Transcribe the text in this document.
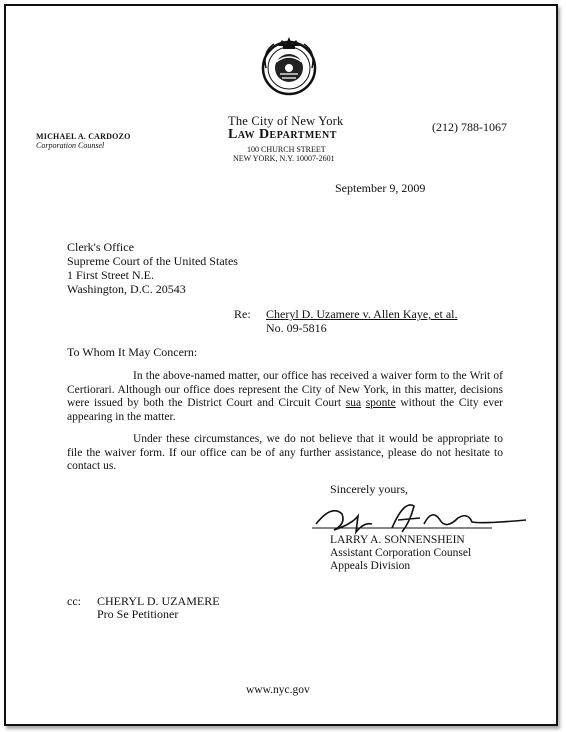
The City of New York
Law Department
100 CHURCH STREET
NEW YORK, N.Y. 10007-2601
MICHAEL A. CARDOZO
Corporation Counsel
(212) 788-1067
September 9, 2009
Clerk's Office
Supreme Court of the United States
1 First Street N.E.
Washington, D.C. 20543
Re: Cheryl D. Uzamere v. Allen Kaye, et al.
No. 09-5816
To Whom It May Concern:
In the above-named matter, our office has received a waiver form to the Writ of Certiorari. Although our office does represent the City of New York, in this matter, decisions were issued by both the District Court and Circuit Court sua sponte without the City ever appearing in the matter.
Under these circumstances, we do not believe that it would be appropriate to file the waiver form. If our office can be of any further assistance, please do not hesitate to contact us.
Sincerely yours,
LARRY A. SONNENSHEIN
Assistant Corporation Counsel
Appeals Division
cc: CHERYL D. UZAMERE
Pro Se Petitioner
www.nyc.gov
